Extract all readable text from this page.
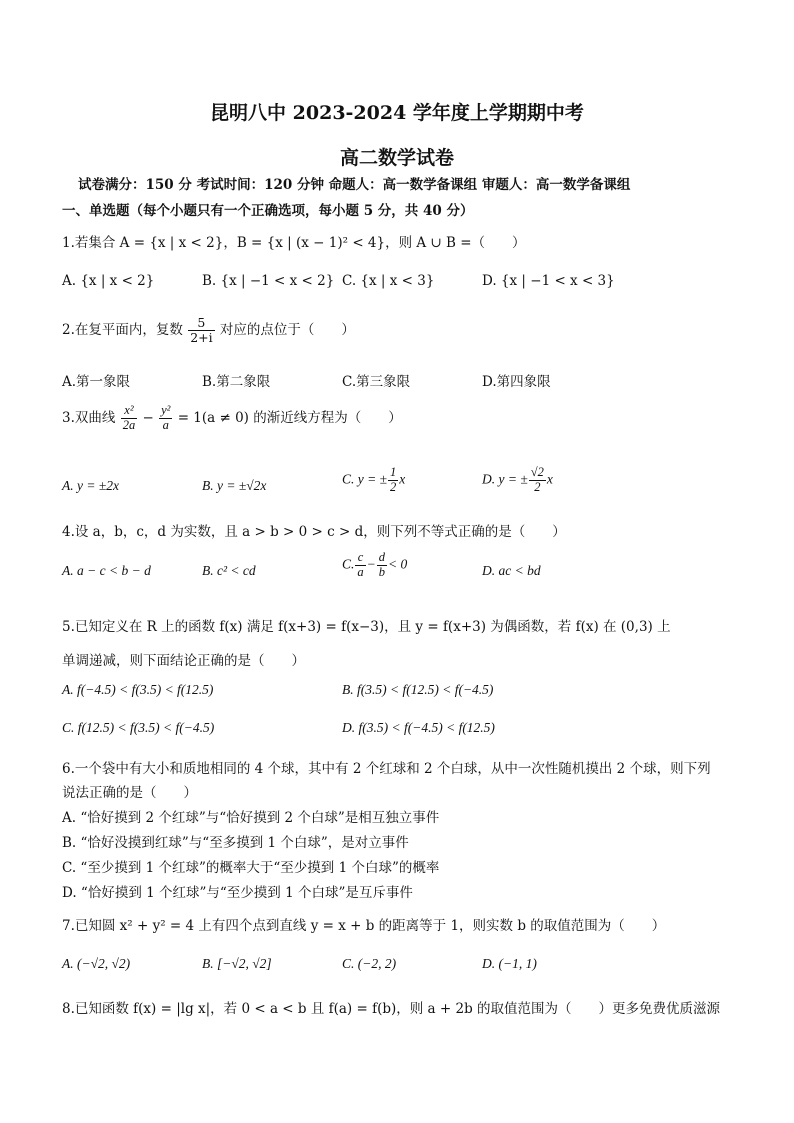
昆明八中 2023-2024 学年度上学期期中考
高二数学试卷
试卷满分：150 分 考试时间：120 分钟 命题人：高一数学备课组 审题人：高一数学备课组
一、单选题（每个小题只有一个正确选项，每小题 5 分，共 40 分）
1.若集合 A = {x | x < 2}，B = {x | (x − 1)² < 4}，则 A ∪ B =（　　）
A. {x | x < 2}	B. {x | −1 < x < 2} C. {x | x < 3}	D. {x | −1 < x < 3}
2.在复平面内，复数 $\frac{5}{2+i}$ 对应的点位于（　　）
A.第一象限	B.第二象限	C.第三象限	D.第四象限
3.双曲线 $\frac{\text{x²}}{2a} - \frac{\text{y²}}{a} = 1(a \ne 0)$ 的渐近线方程为（　　）
A. y = ±2x	B. y = ±√2x	C. y = ± $\frac{1}{2}$ x	D. y = ± $\frac{√2}{2}$ x
4.设 a，b，c，d 为实数，且 a > b > 0 > c > d，则下列不等式正确的是（　　）
A. a − c < b − d	B. c² < cd	C. $\frac{c}{a} - \frac{d}{b} < 0$	D. ac < bd
5.已知定义在 R 上的函数 f(x) 满足 f(x+3) = f(x−3)，且 y = f(x+3) 为偶函数，若 f(x) 在 (0,3) 上
单调递减，则下面结论正确的是（　　）
A. f(−4.5) < f(3.5) < f(12.5)	B. f(3.5) < f(12.5) < f(−4.5)
C. f(12.5) < f(3.5) < f(−4.5)	D. f(3.5) < f(−4.5) < f(12.5)
6.一个袋中有大小和质地相同的 4 个球，其中有 2 个红球和 2 个白球，从中一次性随机摸出 2 个球，则下列
说法正确的是（　　）
A. “恰好摸到 2 个红球”与“恰好摸到 2 个白球”是相互独立事件
B. “恰好没摸到红球”与“至多摸到 1 个白球”，是对立事件
C. “至少摸到 1 个红球”的概率大于“至少摸到 1 个白球”的概率
D. “恰好摸到 1 个红球”与“至少摸到 1 个白球”是互斥事件
7.已知圆 x² + y² = 4 上有四个点到直线 y = x + b 的距离等于 1，则实数 b 的取值范围为（　　）
A. (−√2, √2)	B. [−√2, √2]	C. (−2, 2)	D. (−1, 1)
8.已知函数 f(x) = |lg x|，若 0 < a < b 且 f(a) = f(b)，则 a + 2b 的取值范围为（　　）更多免费优质滋源
